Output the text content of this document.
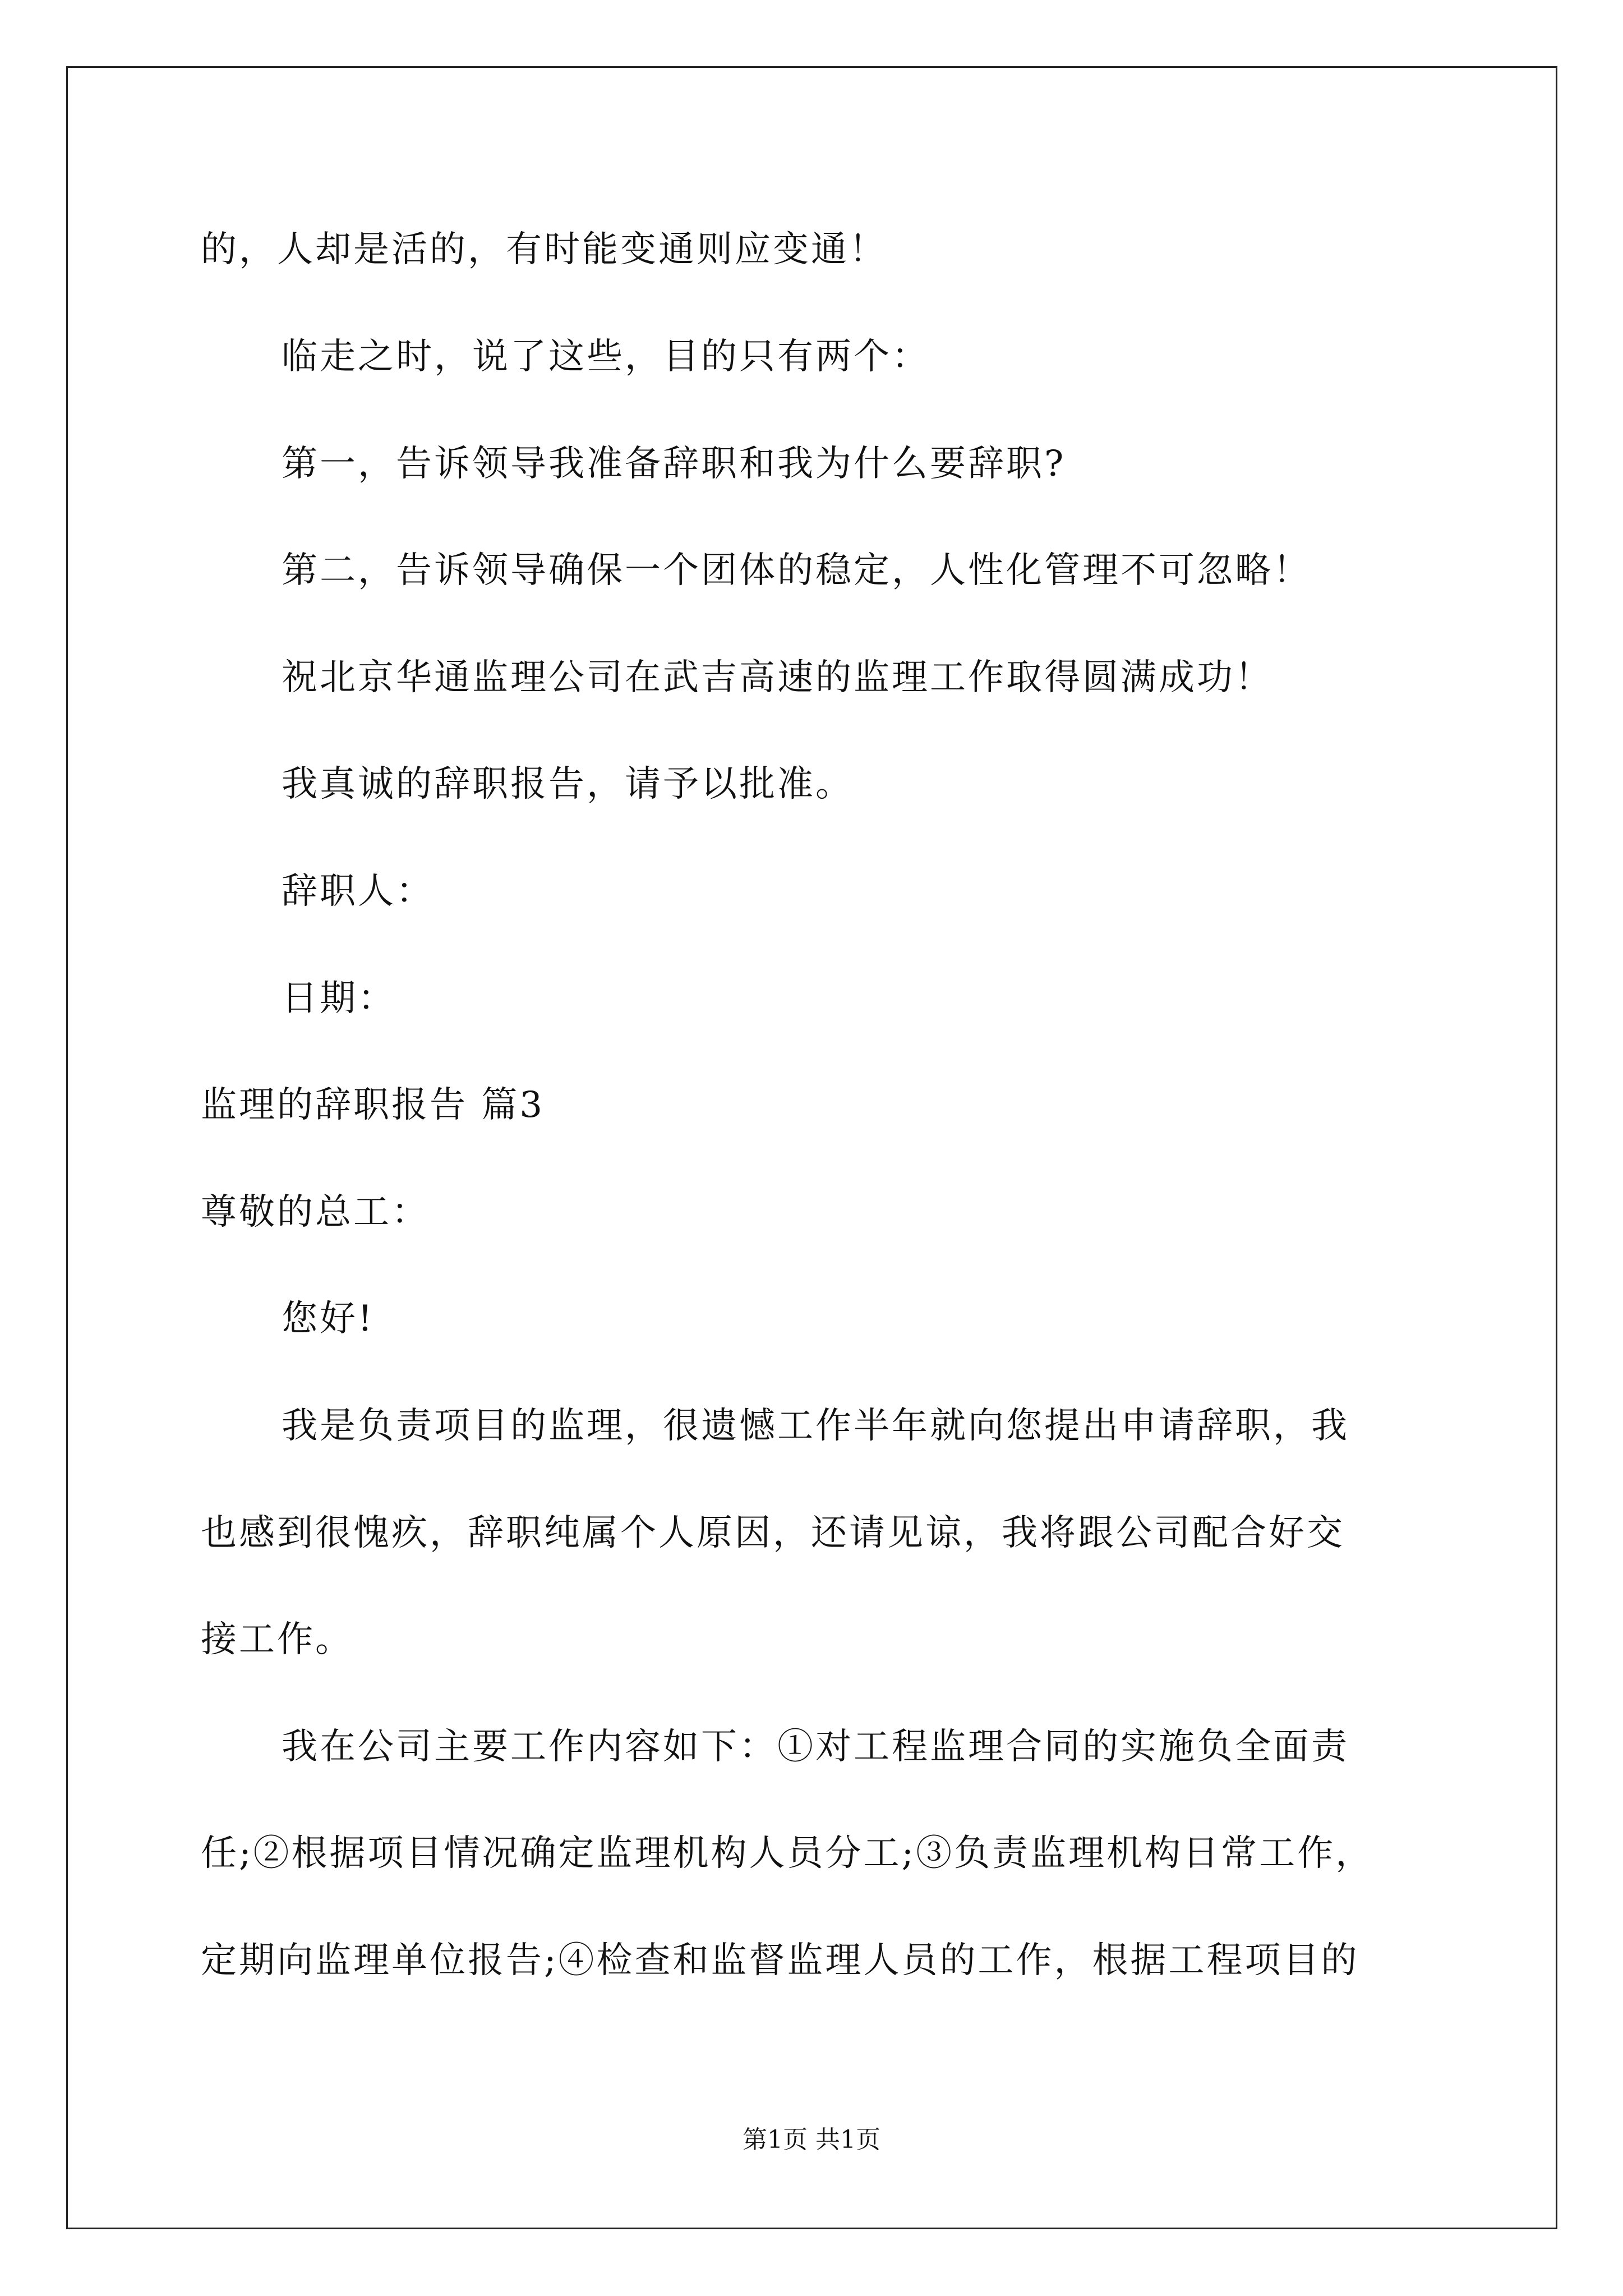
的，人却是活的，有时能变通则应变通！
临走之时，说了这些，目的只有两个：
第一，告诉领导我准备辞职和我为什么要辞职?
第二，告诉领导确保一个团体的稳定，人性化管理不可忽略！
祝北京华通监理公司在武吉高速的监理工作取得圆满成功！
我真诚的辞职报告，请予以批准。
辞职人：
日期：
监理的辞职报告 篇3
尊敬的总工：
您好!
我是负责项目的监理，很遗憾工作半年就向您提出申请辞职，我
也感到很愧疚，辞职纯属个人原因，还请见谅，我将跟公司配合好交
接工作。
我在公司主要工作内容如下：①对工程监理合同的实施负全面责
任;②根据项目情况确定监理机构人员分工;③负责监理机构日常工作，
定期向监理单位报告;④检查和监督监理人员的工作，根据工程项目的
第1页 共1页
